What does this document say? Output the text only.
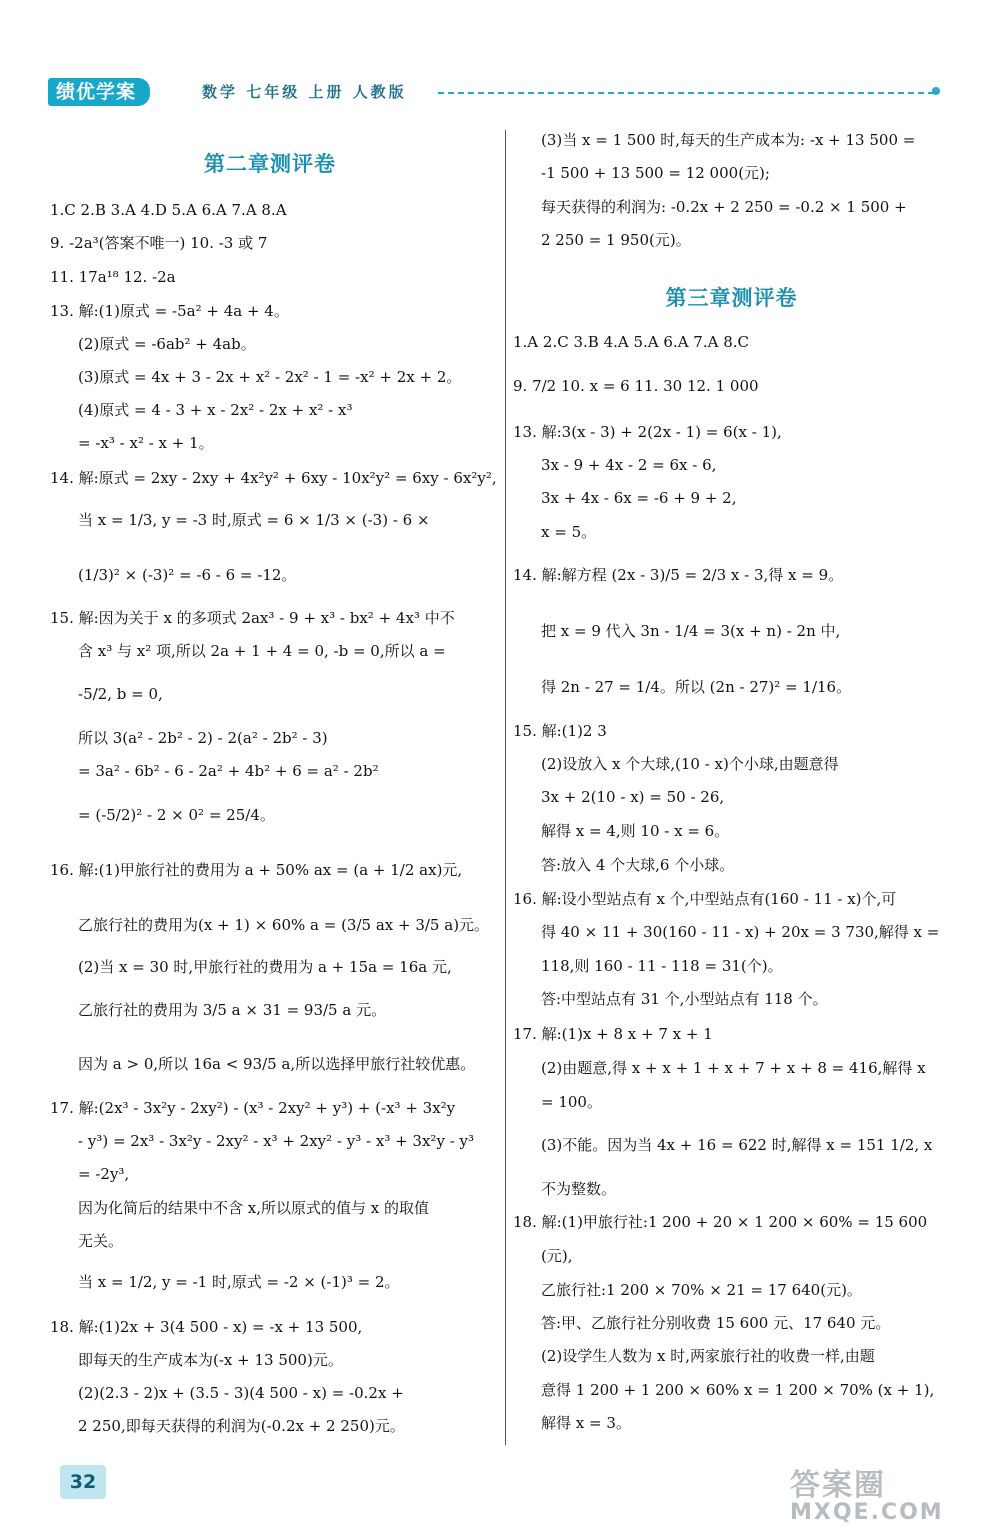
绩优学案	数学 七年级 上册 人教版
第二章测评卷
1.C 2.B 3.A 4.D 5.A 6.A 7.A 8.A
9. -2a³(答案不唯一) 10. -3 或 7
11. 17a¹⁸ 12. -2a
13. 解:(1)原式 = -5a² + 4a + 4。
(2)原式 = -6ab² + 4ab。
(3)原式 = 4x + 3 - 2x + x² - 2x² - 1 = -x² + 2x + 2。
(4)原式 = 4 - 3 + x - 2x² - 2x + x² - x³
= -x³ - x² - x + 1。
14. 解:原式 = 2xy - 2xy + 4x²y² + 6xy - 10x²y² = 6xy - 6x²y²,
当 x = 1/3, y = -3 时,原式 = 6 × 1/3 × (-3) - 6 ×
(1/3)² × (-3)² = -6 - 6 = -12。
15. 解:因为关于 x 的多项式 2ax³ - 9 + x³ - bx² + 4x³ 中不
含 x³ 与 x² 项,所以 2a + 1 + 4 = 0, -b = 0,所以 a =
-5/2, b = 0,
所以 3(a² - 2b² - 2) - 2(a² - 2b² - 3)
= 3a² - 6b² - 6 - 2a² + 4b² + 6 = a² - 2b²
= (-5/2)² - 2 × 0² = 25/4。
16. 解:(1)甲旅行社的费用为 a + 50% ax = (a + 1/2 ax)元,
乙旅行社的费用为(x + 1) × 60% a = (3/5 ax + 3/5 a)元。
(2)当 x = 30 时,甲旅行社的费用为 a + 15a = 16a 元,
乙旅行社的费用为 3/5 a × 31 = 93/5 a 元。
因为 a > 0,所以 16a < 93/5 a,所以选择甲旅行社较优惠。
17. 解:(2x³ - 3x²y - 2xy²) - (x³ - 2xy² + y³) + (-x³ + 3x²y
- y³) = 2x³ - 3x²y - 2xy² - x³ + 2xy² - y³ - x³ + 3x²y - y³
= -2y³,
因为化简后的结果中不含 x,所以原式的值与 x 的取值
无关。
当 x = 1/2, y = -1 时,原式 = -2 × (-1)³ = 2。
18. 解:(1)2x + 3(4 500 - x) = -x + 13 500,
即每天的生产成本为(-x + 13 500)元。
(2)(2.3 - 2)x + (3.5 - 3)(4 500 - x) = -0.2x +
2 250,即每天获得的利润为(-0.2x + 2 250)元。
第三章测评卷
(3)当 x = 1 500 时,每天的生产成本为: -x + 13 500 =
-1 500 + 13 500 = 12 000(元);
每天获得的利润为: -0.2x + 2 250 = -0.2 × 1 500 +
2 250 = 1 950(元)。
1.A 2.C 3.B 4.A 5.A 6.A 7.A 8.C
9. 7/2 10. x = 6 11. 30 12. 1 000
13. 解:3(x - 3) + 2(2x - 1) = 6(x - 1),
3x - 9 + 4x - 2 = 6x - 6,
3x + 4x - 6x = -6 + 9 + 2,
x = 5。
14. 解:解方程 (2x - 3)/5 = 2/3 x - 3,得 x = 9。
把 x = 9 代入 3n - 1/4 = 3(x + n) - 2n 中,
得 2n - 27 = 1/4。所以 (2n - 27)² = 1/16。
15. 解:(1)2 3
(2)设放入 x 个大球,(10 - x)个小球,由题意得
3x + 2(10 - x) = 50 - 26,
解得 x = 4,则 10 - x = 6。
答:放入 4 个大球,6 个小球。
16. 解:设小型站点有 x 个,中型站点有(160 - 11 - x)个,可
得 40 × 11 + 30(160 - 11 - x) + 20x = 3 730,解得 x =
118,则 160 - 11 - 118 = 31(个)。
答:中型站点有 31 个,小型站点有 118 个。
17. 解:(1)x + 8 x + 7 x + 1
(2)由题意,得 x + x + 1 + x + 7 + x + 8 = 416,解得 x
= 100。
(3)不能。因为当 4x + 16 = 622 时,解得 x = 151 1/2, x
不为整数。
18. 解:(1)甲旅行社:1 200 + 20 × 1 200 × 60% = 15 600
(元),
乙旅行社:1 200 × 70% × 21 = 17 640(元)。
答:甲、乙旅行社分别收费 15 600 元、17 640 元。
(2)设学生人数为 x 时,两家旅行社的收费一样,由题
意得 1 200 + 1 200 × 60% x = 1 200 × 70% (x + 1),
解得 x = 3。
32	答案圈
MXQE.COM
